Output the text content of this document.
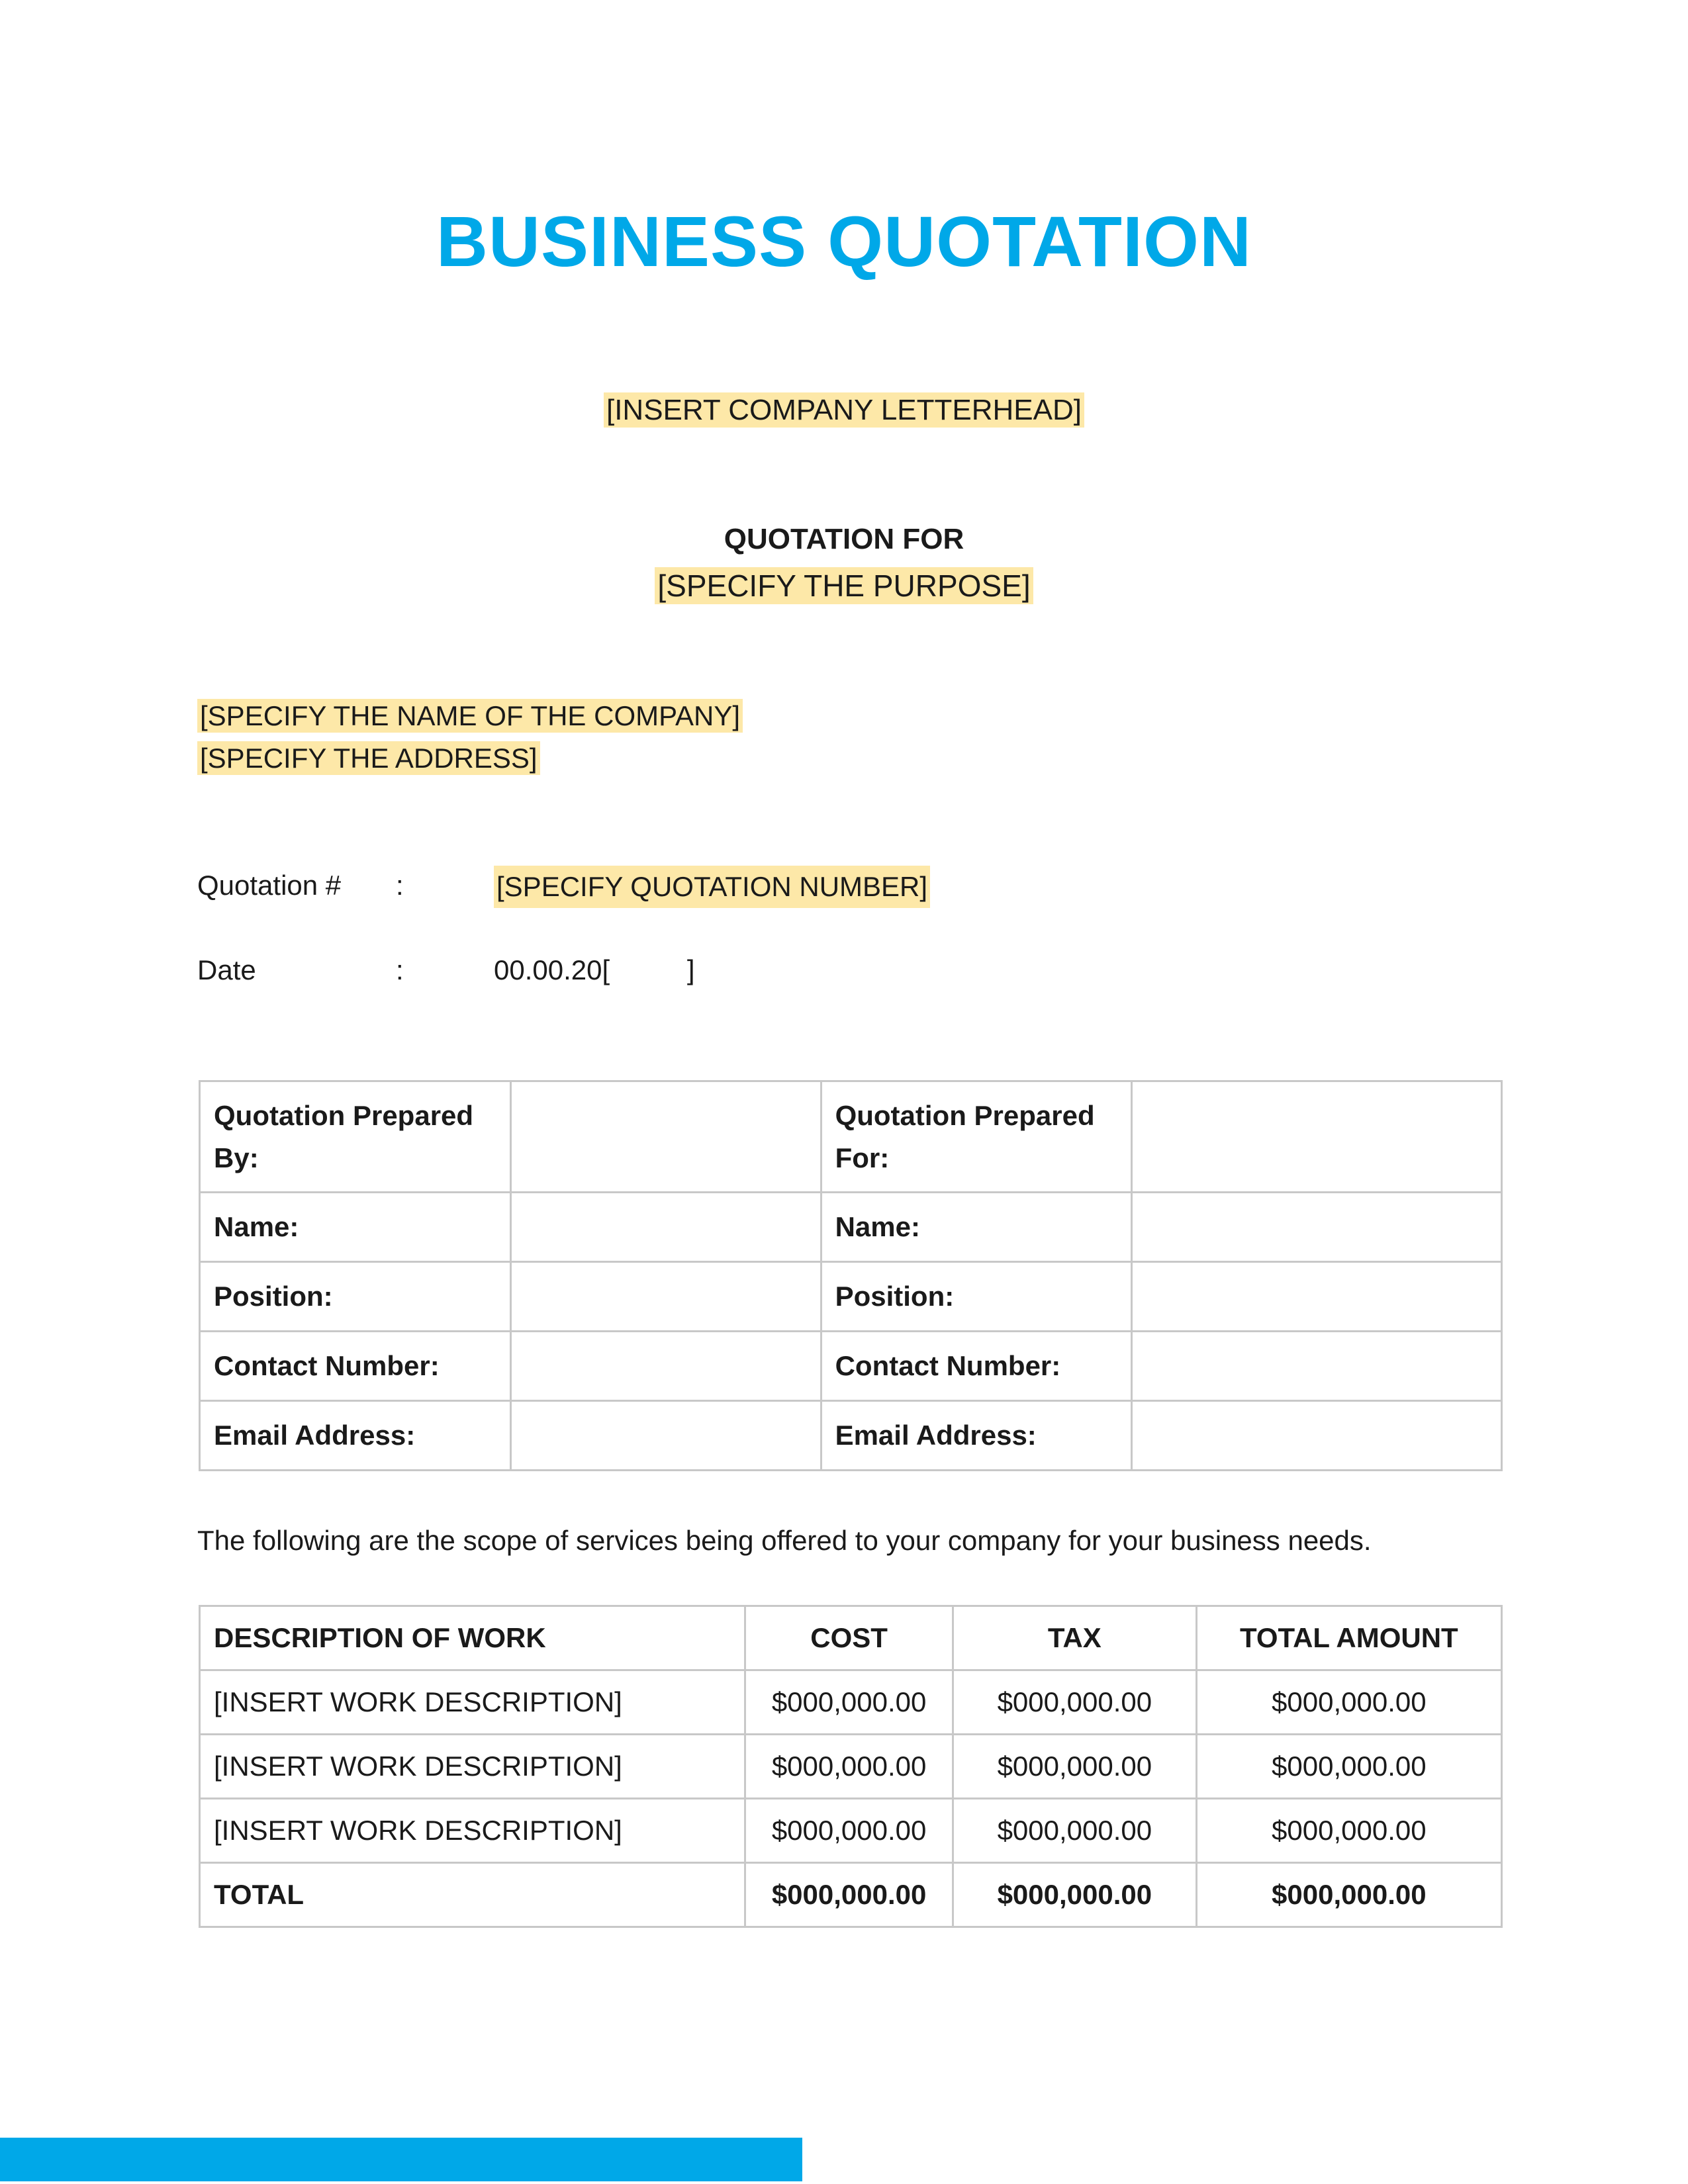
BUSINESS QUOTATION
[INSERT COMPANY LETTERHEAD]
QUOTATION FOR
[SPECIFY THE PURPOSE]
[SPECIFY THE NAME OF THE COMPANY]
[SPECIFY THE ADDRESS]
Quotation # :	[SPECIFY QUOTATION NUMBER]
Date	:	00.00.20[          ]
Quotation Prepared By:		Quotation Prepared For:	
Name:		Name:	
Position:		Position:	
Contact Number:		Contact Number:	
Email Address:		Email Address:	
The following are the scope of services being offered to your company for your business needs.
DESCRIPTION OF WORK	COST	TAX	TOTAL AMOUNT
[INSERT WORK DESCRIPTION]	$000,000.00	$000,000.00	$000,000.00
[INSERT WORK DESCRIPTION]	$000,000.00	$000,000.00	$000,000.00
[INSERT WORK DESCRIPTION]	$000,000.00	$000,000.00	$000,000.00
TOTAL	$000,000.00	$000,000.00	$000,000.00
